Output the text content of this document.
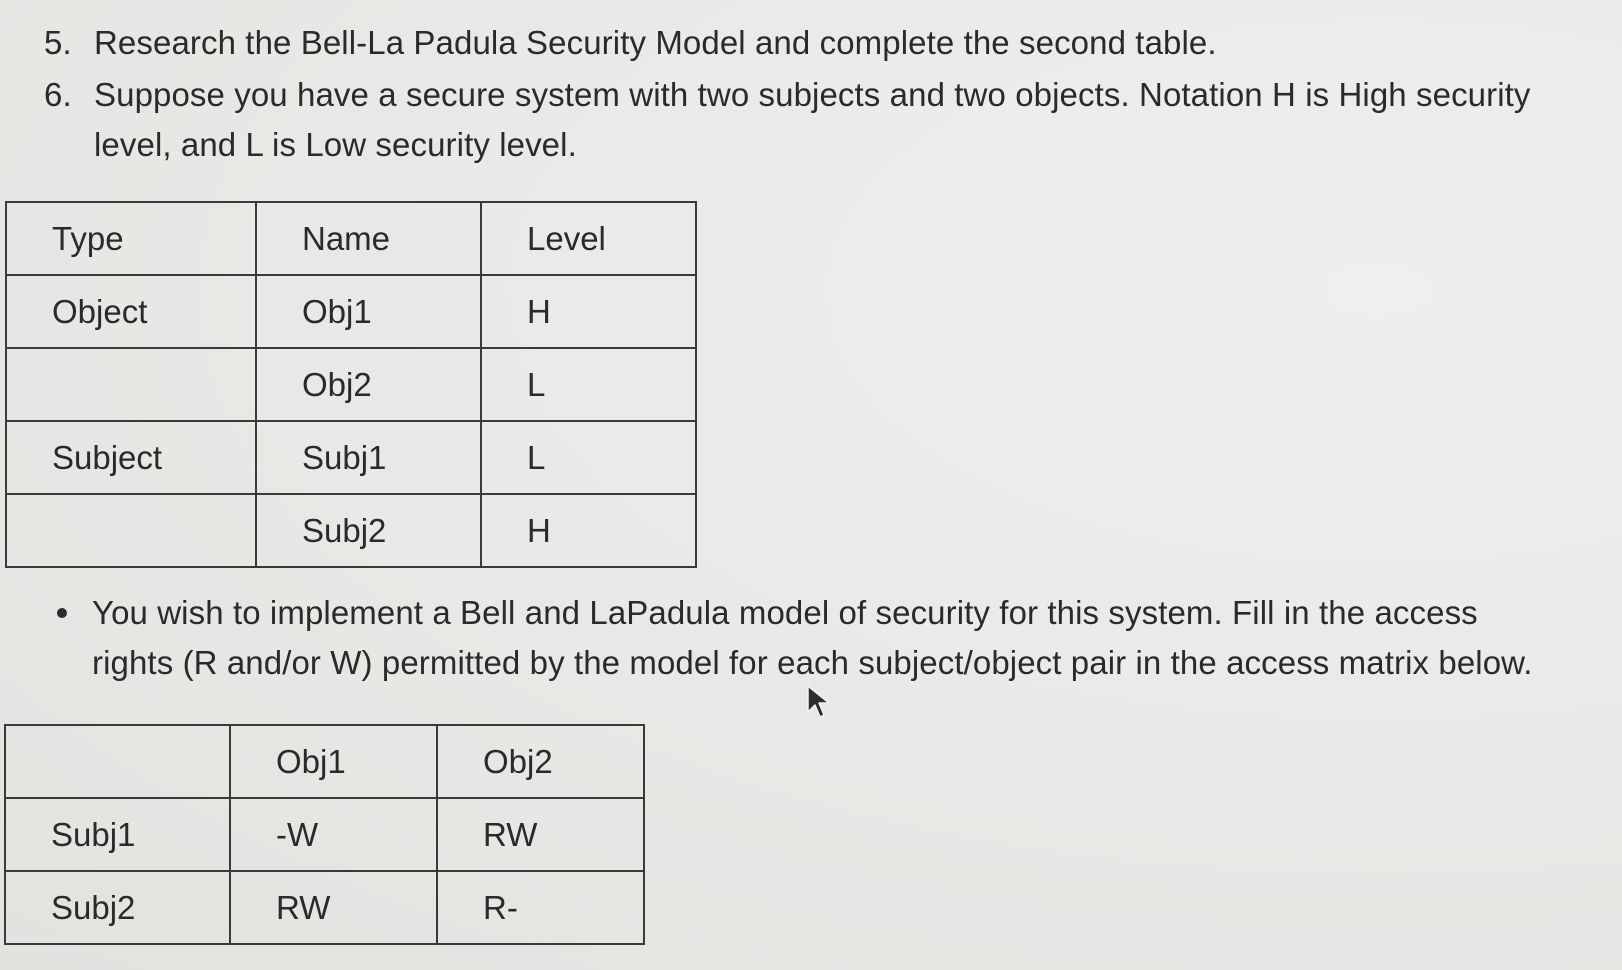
5. Research the Bell-La Padula Security Model and complete the second table.
6. Suppose you have a secure system with two subjects and two objects. Notation H is High security
level, and L is Low security level.
Type	Name	Level
Object	Obj1	H
	Obj2	L
Subject	Subj1	L
	Subj2	H
You wish to implement a Bell and LaPadula model of security for this system. Fill in the access
rights (R and/or W) permitted by the model for each subject/object pair in the access matrix below.
	Obj1	Obj2
Subj1	-W	RW
Subj2	RW	R-
